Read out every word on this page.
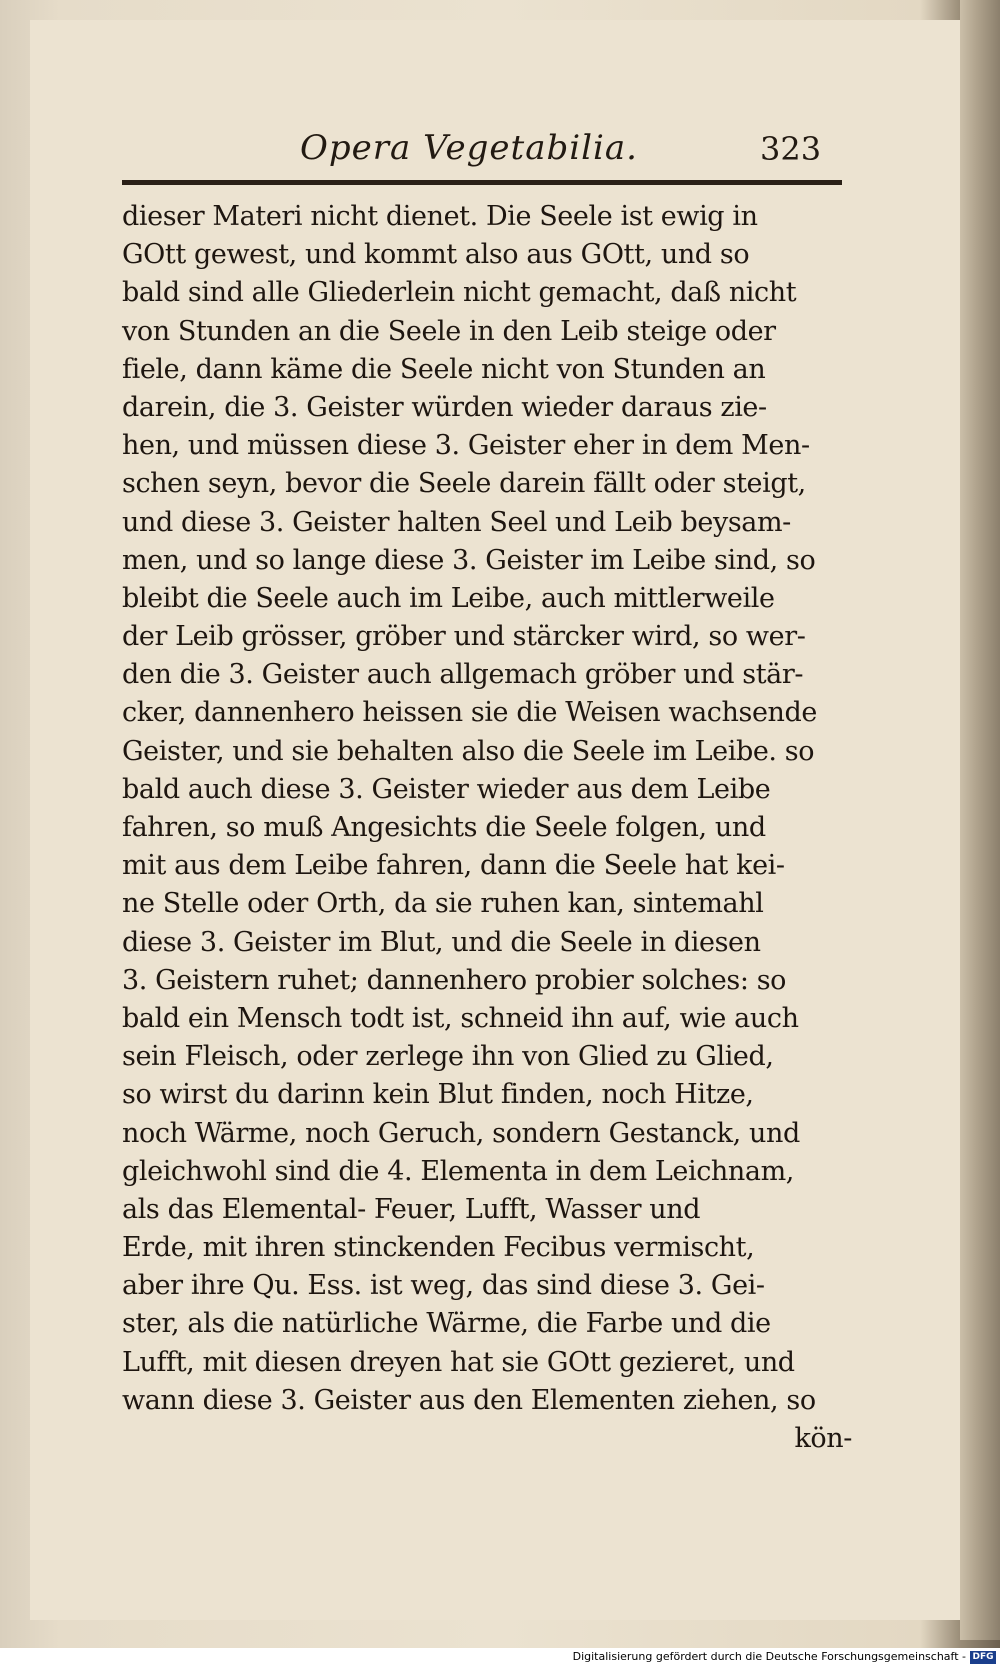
Opera Vegetabilia.	323
dieser Materi nicht dienet. Die Seele ist ewig in
GOtt gewest, und kommt also aus GOtt, und so
bald sind alle Gliederlein nicht gemacht, daß nicht
von Stunden an die Seele in den Leib steige oder
fiele, dann käme die Seele nicht von Stunden an
darein, die 3. Geister würden wieder daraus zie-
hen, und müssen diese 3. Geister eher in dem Men-
schen seyn, bevor die Seele darein fällt oder steigt,
und diese 3. Geister halten Seel und Leib beysam-
men, und so lange diese 3. Geister im Leibe sind, so
bleibt die Seele auch im Leibe, auch mittlerweile
der Leib grösser, gröber und stärcker wird, so wer-
den die 3. Geister auch allgemach gröber und stär-
cker, dannenhero heissen sie die Weisen wachsende
Geister, und sie behalten also die Seele im Leibe. so
bald auch diese 3. Geister wieder aus dem Leibe
fahren, so muß Angesichts die Seele folgen, und
mit aus dem Leibe fahren, dann die Seele hat kei-
ne Stelle oder Orth, da sie ruhen kan, sintemahl
diese 3. Geister im Blut, und die Seele in diesen
3. Geistern ruhet; dannenhero probier solches: so
bald ein Mensch todt ist, schneid ihn auf, wie auch
sein Fleisch, oder zerlege ihn von Glied zu Glied,
so wirst du darinn kein Blut finden, noch Hitze,
noch Wärme, noch Geruch, sondern Gestanck, und
gleichwohl sind die 4. Elementa in dem Leichnam,
als das Elemental- Feuer, Lufft, Wasser und
Erde, mit ihren stinckenden Fecibus vermischt,
aber ihre Qu. Ess. ist weg, das sind diese 3. Gei-
ster, als die natürliche Wärme, die Farbe und die
Lufft, mit diesen dreyen hat sie GOtt gezieret, und
wann diese 3. Geister aus den Elementen ziehen, so
kön-
Digitalisierung gefördert durch die Deutsche Forschungsgemeinschaft - DFG
